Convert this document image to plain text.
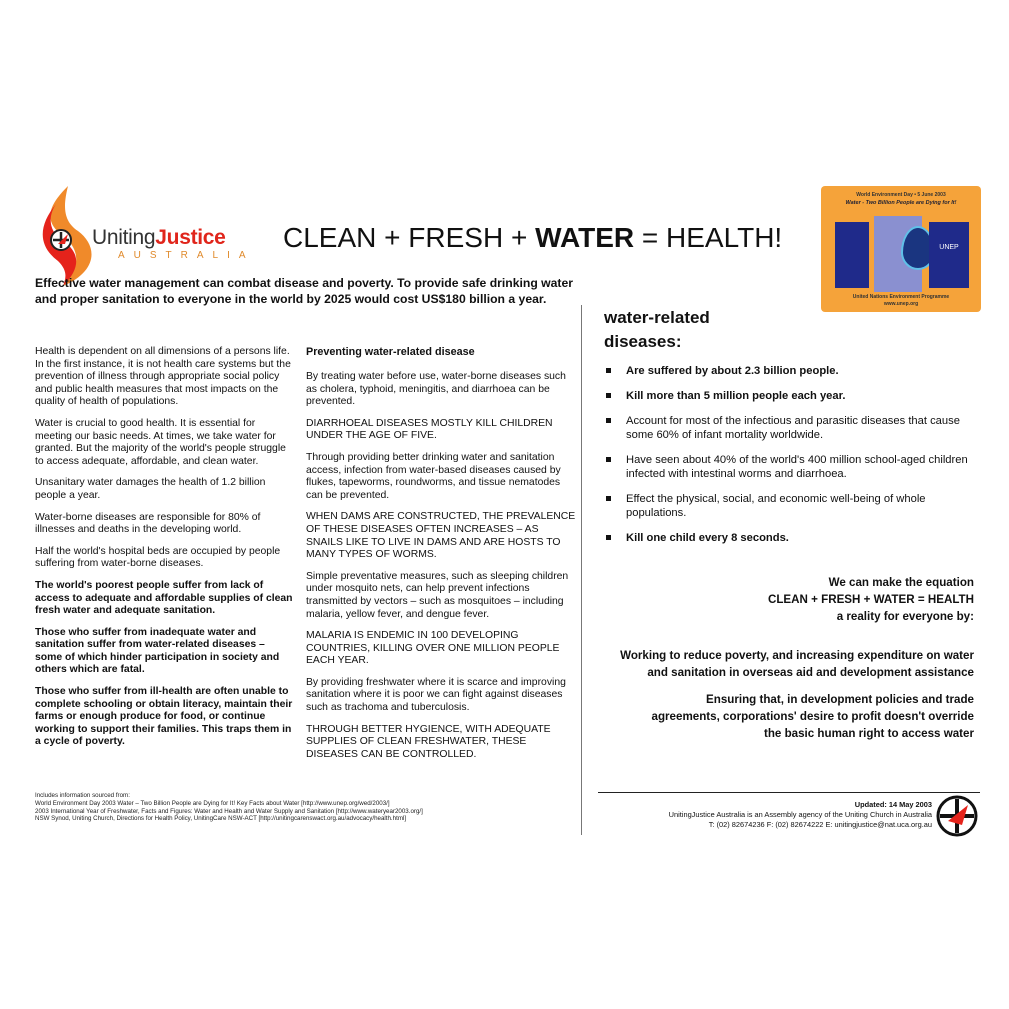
UnitingJustice
AUSTRALIA
CLEAN + FRESH + WATER = HEALTH!
World Environment Day • 5 June 2003
Water - Two Billion People are Dying for It!
UNEP
United Nations Environment Programme
www.unep.org
Effective water management can combat disease and poverty. To provide safe drinking water and proper sanitation to everyone in the world by 2025 would cost US$180 billion a year.

Health is dependent on all dimensions of a persons life. In the first instance, it is not health care systems but the prevention of illness through appropriate social policy and public health measures that most impacts on the quality of health of populations.

Water is crucial to good health. It is essential for meeting our basic needs. At times, we take water for granted. But the majority of the world's people struggle to access adequate, affordable, and clean water.

Unsanitary water damages the health of 1.2 billion people a year.

Water-borne diseases are responsible for 80% of illnesses and deaths in the developing world.

Half the world's hospital beds are occupied by people suffering from water-borne diseases.

The world's poorest people suffer from lack of access to adequate and affordable supplies of clean fresh water and adequate sanitation.

Those who suffer from inadequate water and sanitation suffer from water-related diseases – some of which hinder participation in society and others which are fatal.

Those who suffer from ill-health are often unable to complete schooling or obtain literacy, maintain their farms or enough produce for food, or continue working to support their families. This traps them in a cycle of poverty.

Preventing water-related disease

By treating water before use, water-borne diseases such as cholera, typhoid, meningitis, and diarrhoea can be prevented.

DIARRHOEAL DISEASES MOSTLY KILL CHILDREN UNDER THE AGE OF FIVE.

Through providing better drinking water and sanitation access, infection from water-based diseases caused by flukes, tapeworms, roundworms, and tissue nematodes can be prevented.

WHEN DAMS ARE CONSTRUCTED, THE PREVALENCE OF THESE DISEASES OFTEN INCREASES – AS SNAILS LIKE TO LIVE IN DAMS AND ARE HOSTS TO MANY TYPES OF WORMS.

Simple preventative measures, such as sleeping children under mosquito nets, can help prevent infections transmitted by vectors – such as mosquitoes – including malaria, yellow fever, and dengue fever.

MALARIA IS ENDEMIC IN 100 DEVELOPING COUNTRIES, KILLING OVER ONE MILLION PEOPLE EACH YEAR.

By providing freshwater where it is scarce and improving sanitation where it is poor we can fight against diseases such as trachoma and tuberculosis.

THROUGH BETTER HYGIENCE, WITH ADEQUATE SUPPLIES OF CLEAN FRESHWATER, THESE DISEASES CAN BE CONTROLLED.

water-related
diseases:
Are suffered by about 2.3 billion people.
Kill more than 5 million people each year.
Account for most of the infectious and parasitic diseases that cause some 60% of infant mortality worldwide.
Have seen about 40% of the world's 400 million school-aged children infected with intestinal worms and diarrhoea.
Effect the physical, social, and economic well-being of whole populations.
Kill one child every 8 seconds.
We can make the equation
CLEAN + FRESH + WATER = HEALTH
a reality for everyone by:
Working to reduce poverty, and increasing expenditure on water and sanitation in overseas aid and development assistance
Ensuring that, in development policies and trade agreements, corporations' desire to profit doesn't override the basic human right to access water
Includes information sourced from:
World Environment Day 2003 Water – Two Billion People are Dying for It! Key Facts about Water [http://www.unep.org/wed/2003/]
2003 International Year of Freshwater, Facts and Figures: Water and Health and Water Supply and Sanitation [http://www.wateryear2003.org/]
NSW Synod, Uniting Church, Directions for Health Policy, UnitingCare NSW-ACT [http://unitingcarenswact.org.au/advocacy/health.html]
Updated: 14 May 2003
UnitingJustice Australia is an Assembly agency of the Uniting Church in Australia
T: (02) 82674236 F: (02) 82674222 E: unitingjustice@nat.uca.org.au
